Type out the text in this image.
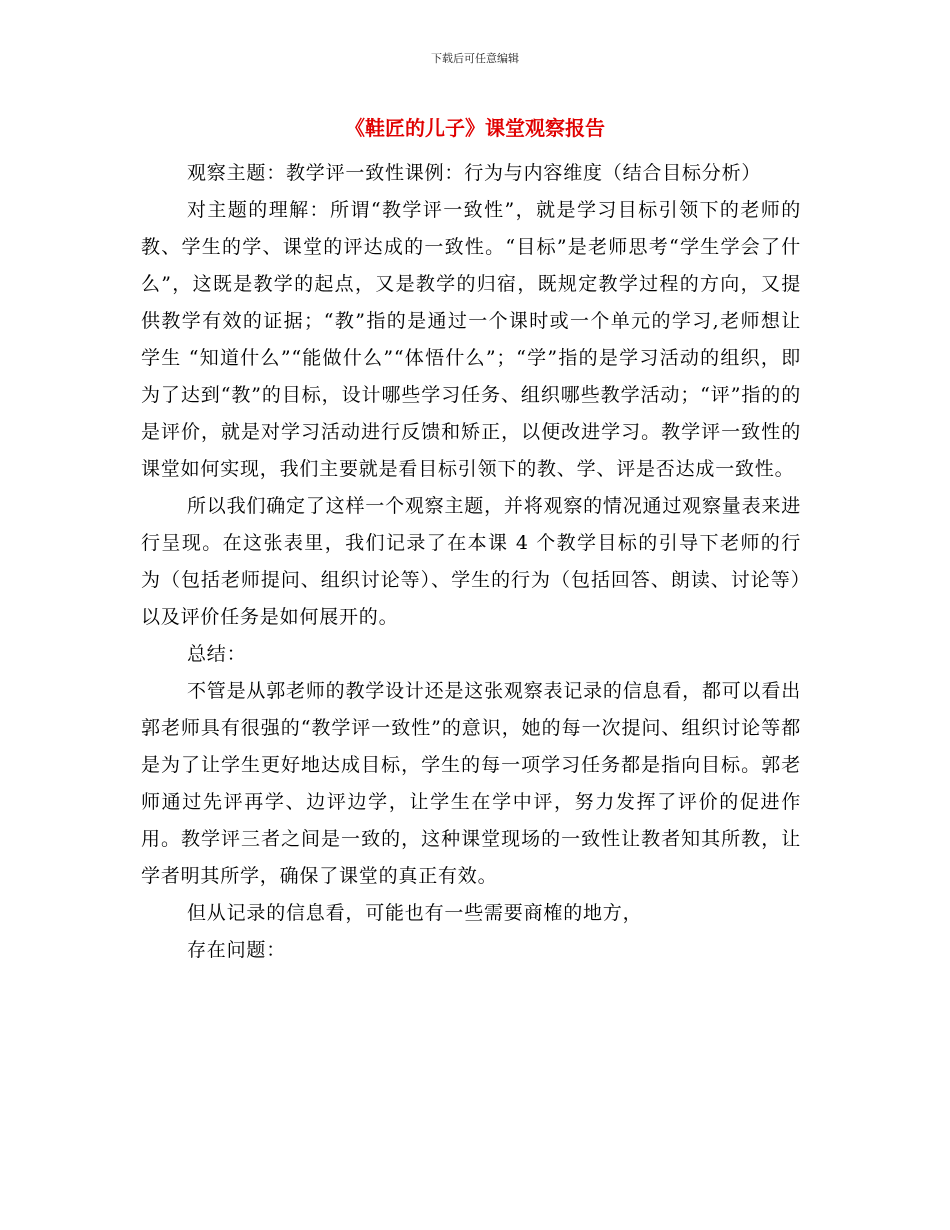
下载后可任意编辑
《鞋匠的儿子》课堂观察报告

观察主题：教学评一致性课例：行为与内容维度（结合目标分析）

对主题的理解：所谓“教学评一致性”，就是学习目标引领下的老师的教、学生的学、课堂的评达成的一致性。“目标”是老师思考“学生学会了什么”，这既是教学的起点，又是教学的归宿，既规定教学过程的方向，又提供教学有效的证据；“教”指的是通过一个课时或一个单元的学习,老师想让学生 “知道什么”“能做什么”“体悟什么”；“学”指的是学习活动的组织，即为了达到“教”的目标，设计哪些学习任务、组织哪些教学活动；“评”指的的是评价，就是对学习活动进行反馈和矫正，以便改进学习。教学评一致性的课堂如何实现，我们主要就是看目标引领下的教、学、评是否达成一致性。

所以我们确定了这样一个观察主题，并将观察的情况通过观察量表来进行呈现。在这张表里，我们记录了在本课 4 个教学目标的引导下老师的行为（包括老师提问、组织讨论等）、学生的行为（包括回答、朗读、讨论等）以及评价任务是如何展开的。

总结：

不管是从郭老师的教学设计还是这张观察表记录的信息看，都可以看出郭老师具有很强的“教学评一致性”的意识，她的每一次提问、组织讨论等都是为了让学生更好地达成目标，学生的每一项学习任务都是指向目标。郭老师通过先评再学、边评边学，让学生在学中评，努力发挥了评价的促进作用。教学评三者之间是一致的，这种课堂现场的一致性让教者知其所教，让学者明其所学，确保了课堂的真正有效。

但从记录的信息看，可能也有一些需要商榷的地方，

存在问题：
